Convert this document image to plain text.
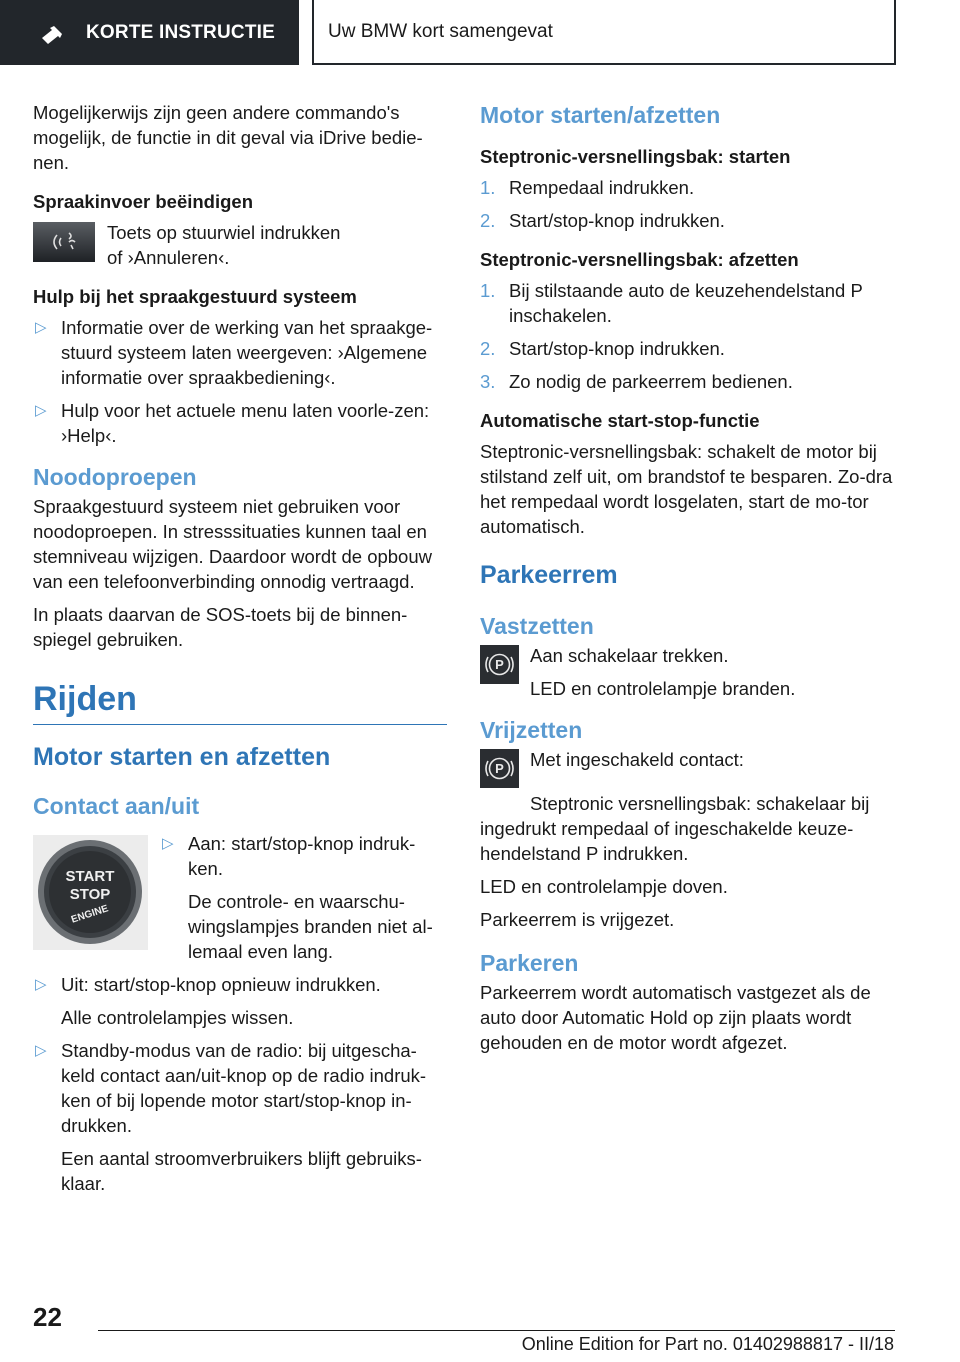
KORTE INSTRUCTIE	Uw BMW kort samengevat

Mogelijkerwijs zijn geen andere commando's mogelijk, de functie in dit geval via iDrive bedie-nen.

Spraakinvoer beëindigen
Toets op stuurwiel indrukken
of ›Annuleren‹.
Hulp bij het spraakgestuurd systeem
▷ Informatie over de werking van het spraakge-stuurd systeem laten weergeven: ›Algemene informatie over spraakbediening‹.
▷ Hulp voor het actuele menu laten voorle-zen: ›Help‹.
Noodoproepen

Spraakgestuurd systeem niet gebruiken voor noodoproepen. In stresssituaties kunnen taal en stemniveau wijzigen. Daardoor wordt de opbouw van een telefoonverbinding onnodig vertraagd.

In plaats daarvan de SOS-toets bij de binnen-spiegel gebruiken.

Rijden
Motor starten en afzetten
Contact aan/uit
START
STOP
ENGINE
▷ Aan: start/stop-knop indruk-ken.
De controle- en waarschu-wingslampjes branden niet al-lemaal even lang.
▷ Uit: start/stop-knop opnieuw indrukken.
Alle controlelampjes wissen.
▷ Standby-modus van de radio: bij uitgescha-keld contact aan/uit-knop op de radio indruk-ken of bij lopende motor start/stop-knop in-drukken.
Een aantal stroomverbruikers blijft gebruiks-klaar.
Motor starten/afzetten
Steptronic-versnellingsbak: starten
1. Rempedaal indrukken.
2. Start/stop-knop indrukken.
Steptronic-versnellingsbak: afzetten
1. Bij stilstaande auto de keuzehendelstand P inschakelen.
2. Start/stop-knop indrukken.
3. Zo nodig de parkeerrem bedienen.
Automatische start-stop-functie

Steptronic-versnellingsbak: schakelt de motor bij stilstand zelf uit, om brandstof te besparen. Zo-dra het rempedaal wordt losgelaten, start de mo-tor automatisch.

Parkeerrem
Vastzetten
P Aan schakelaar trekken.
LED en controlelampje branden.
Vrijzetten
P Met ingeschakeld contact:

Steptronic versnellingsbak: schakelaar bij ingedrukt rempedaal of ingeschakelde keuze-hendelstand P indrukken.

LED en controlelampje doven.

Parkeerrem is vrijgezet.

Parkeren

Parkeerrem wordt automatisch vastgezet als de auto door Automatic Hold op zijn plaats wordt gehouden en de motor wordt afgezet.

22
Online Edition for Part no. 01402988817 - II/18
